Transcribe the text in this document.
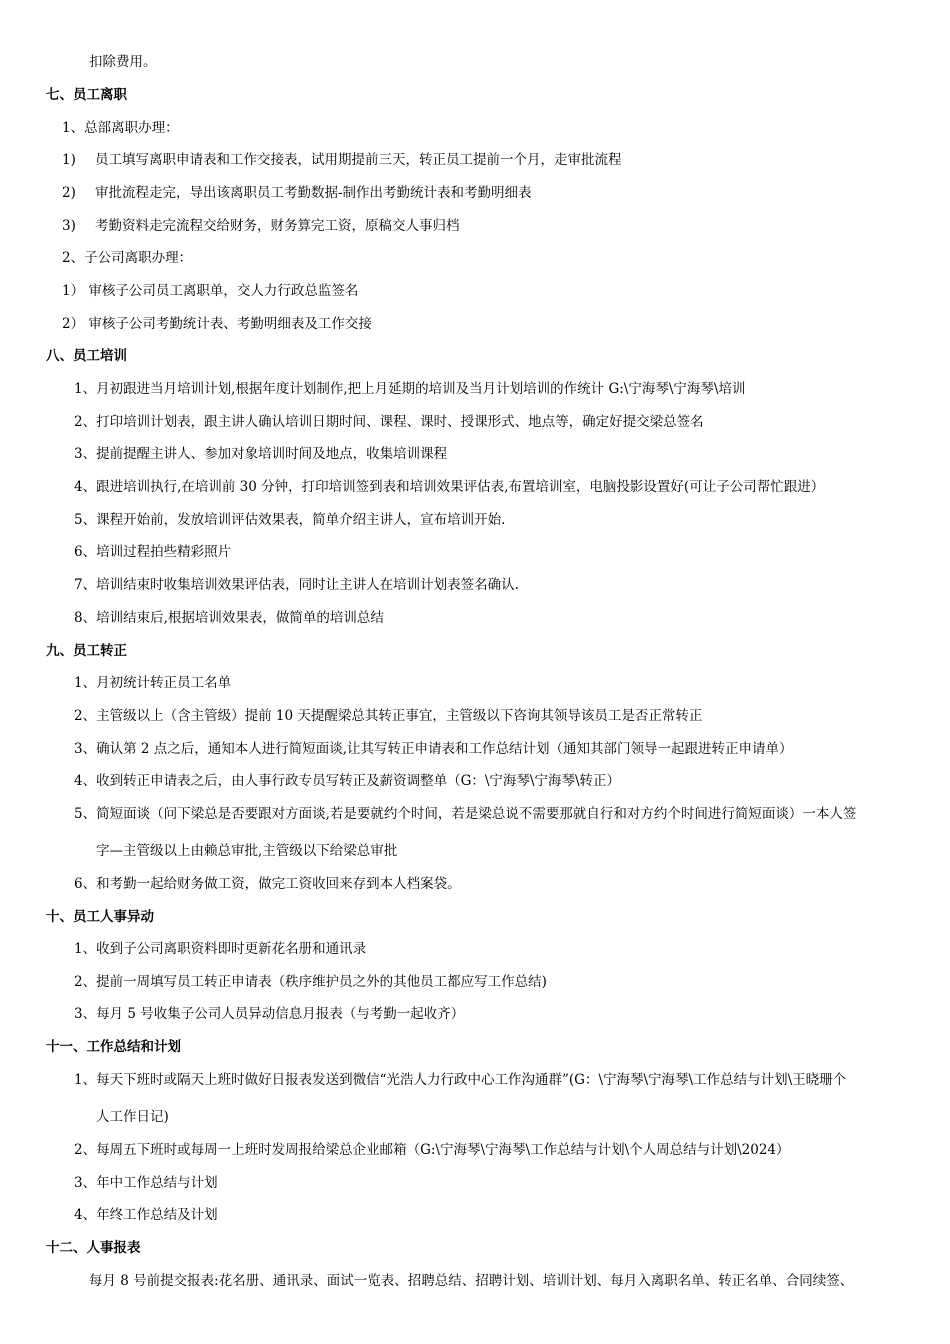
扣除费用。
七、员工离职
1、总部离职办理：
1) 员工填写离职申请表和工作交接表，试用期提前三天，转正员工提前一个月，走审批流程
2) 审批流程走完，导出该离职员工考勤数据-制作出考勤统计表和考勤明细表
3) 考勤资料走完流程交给财务，财务算完工资，原稿交人事归档
2、子公司离职办理：
1） 审核子公司员工离职单，交人力行政总监签名
2） 审核子公司考勤统计表、考勤明细表及工作交接
八、员工培训
1、月初跟进当月培训计划,根据年度计划制作,把上月延期的培训及当月计划培训的作统计 G:\宁海琴\宁海琴\培训
2、打印培训计划表，跟主讲人确认培训日期时间、课程、课时、授课形式、地点等，确定好提交梁总签名
3、提前提醒主讲人、参加对象培训时间及地点，收集培训课程
4、跟进培训执行,在培训前 30 分钟，打印培训签到表和培训效果评估表,布置培训室，电脑投影设置好(可让子公司帮忙跟进）
5、课程开始前，发放培训评估效果表，简单介绍主讲人，宣布培训开始.
6、培训过程拍些精彩照片
7、培训结束时收集培训效果评估表，同时让主讲人在培训计划表签名确认.
8、培训结束后,根据培训效果表，做简单的培训总结
九、员工转正
1、月初统计转正员工名单
2、主管级以上（含主管级）提前 10 天提醒梁总其转正事宜，主管级以下咨询其领导该员工是否正常转正
3、确认第 2 点之后，通知本人进行简短面谈,让其写转正申请表和工作总结计划（通知其部门领导一起跟进转正申请单）
4、收到转正申请表之后，由人事行政专员写转正及薪资调整单（G：\宁海琴\宁海琴\转正）
5、简短面谈（问下梁总是否要跟对方面谈,若是要就约个时间，若是梁总说不需要那就自行和对方约个时间进行简短面谈）一本人签
字—主管级以上由赖总审批,主管级以下给梁总审批
6、和考勤一起给财务做工资，做完工资收回来存到本人档案袋。
十、员工人事异动
1、收到子公司离职资料即时更新花名册和通讯录
2、提前一周填写员工转正申请表（秩序维护员之外的其他员工都应写工作总结)
3、每月 5 号收集子公司人员异动信息月报表（与考勤一起收齐）
十一、工作总结和计划
1、每天下班时或隔天上班时做好日报表发送到微信“光浩人力行政中心工作沟通群”(G：\宁海琴\宁海琴\工作总结与计划\王晓珊个
人工作日记)
2、每周五下班时或每周一上班时发周报给梁总企业邮箱（G:\宁海琴\宁海琴\工作总结与计划\个人周总结与计划\2024）
3、年中工作总结与计划
4、年终工作总结及计划
十二、人事报表
每月 8 号前提交报表:花名册、通讯录、面试一览表、招聘总结、招聘计划、培训计划、每月入离职名单、转正名单、合同续签、
